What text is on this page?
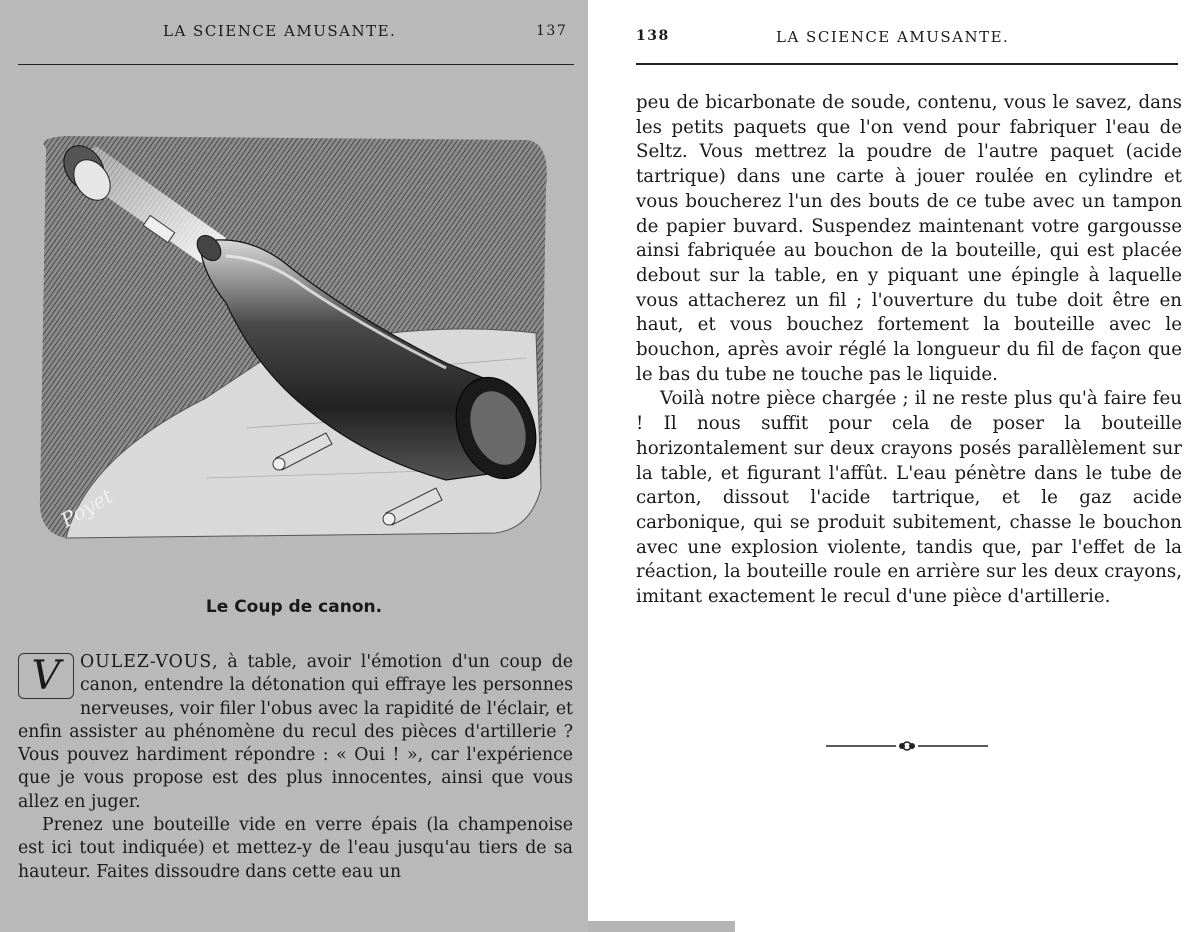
LA SCIENCE AMUSANTE.	137
Poyet
Le Coup de canon.

V	OULEZ-VOUS, à table, avoir l'émotion d'un coup de canon, entendre la détonation qui effraye les personnes nerveuses, voir filer l'obus avec la rapidité de l'éclair, et enfin assister au phénomène du recul des pièces d'artillerie ? Vous pouvez hardiment répondre : « Oui ! », car l'expérience que je vous propose est des plus innocentes, ainsi que vous allez en juger.

Prenez une bouteille vide en verre épais (la champenoise est ici tout indiquée) et mettez-y de l'eau jusqu'au tiers de sa hauteur. Faites dissoudre dans cette eau un

138	LA SCIENCE AMUSANTE.

peu de bicarbonate de soude, contenu, vous le savez, dans les petits paquets que l'on vend pour fabriquer l'eau de Seltz. Vous mettrez la poudre de l'autre paquet (acide tartrique) dans une carte à jouer roulée en cylindre et vous boucherez l'un des bouts de ce tube avec un tampon de papier buvard. Suspendez maintenant votre gargousse ainsi fabriquée au bouchon de la bouteille, qui est placée debout sur la table, en y piquant une épingle à laquelle vous attacherez un fil ; l'ouverture du tube doit être en haut, et vous bouchez fortement la bouteille avec le bouchon, après avoir réglé la longueur du fil de façon que le bas du tube ne touche pas le liquide.

Voilà notre pièce chargée ; il ne reste plus qu'à faire feu ! Il nous suffit pour cela de poser la bouteille horizontalement sur deux crayons posés parallèlement sur la table, et figurant l'affût. L'eau pénètre dans le tube de carton, dissout l'acide tartrique, et le gaz acide carbonique, qui se produit subitement, chasse le bouchon avec une explosion violente, tandis que, par l'effet de la réaction, la bouteille roule en arrière sur les deux crayons, imitant exactement le recul d'une pièce d'artillerie.
